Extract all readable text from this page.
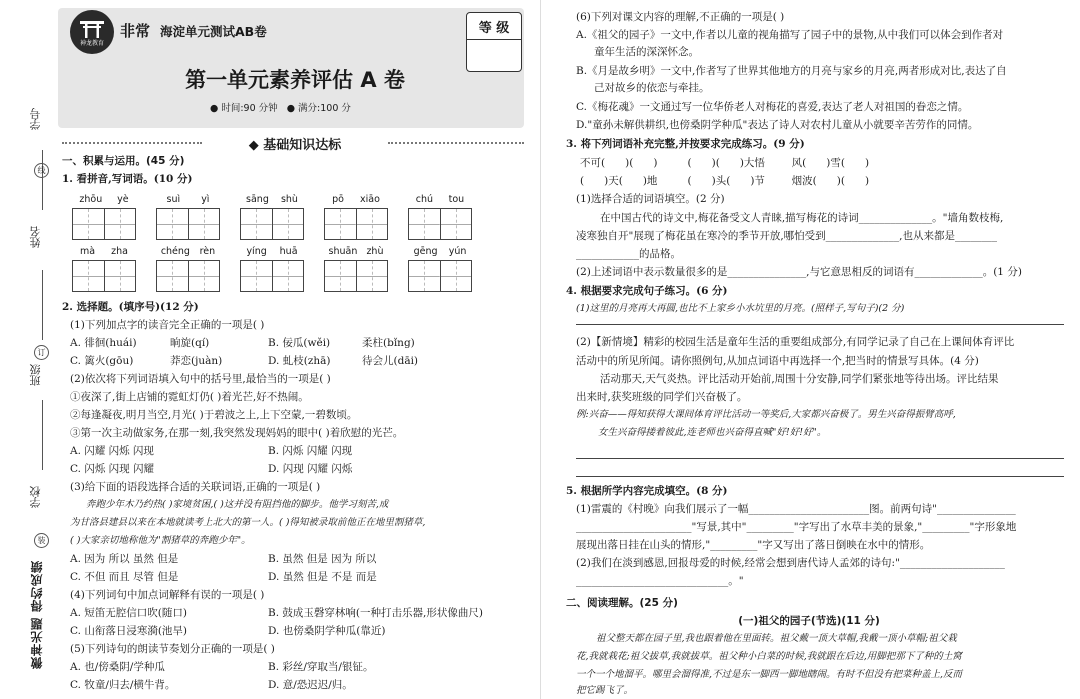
学号
姓名
班级
学校
线
订
装
微神光题 得约成绩
神龙教育
非常 海淀单元测试AB卷	等 级
第一单元素养评估 A 卷
● 时间:90 分钟 ● 满分:100 分
◆ 基础知识达标
一、积累与运用。(45 分)
1. 看拼音,写词语。(10 分)
zhōu yè	suì yì	sāng shù	pō xiāo	chú tou
mà zha	chéng rèn	yíng huā	shuān zhù	gēng yún
2. 选择题。(填序号)(12 分)
(1)下列加点字的读音完全正确的一项是( )
A. 徘徊(huái)	晌旋(qí)	B. 佞瓜(wěi)	柔柱(bǐng)
C. 篱火(gōu)	莽恋(juàn)	D. 虬枝(zhā)	待会儿(dāi)
(2)依次将下列词语填入句中的括号里,最恰当的一项是( )
①夜深了,街上店铺的霓虹灯仍( )着光芒,好不热闹。
②每逢凝夜,明月当空,月光( )于碧波之上,上下空蒙,一碧数顷。
③第一次主动做家务,在那一刻,我突然发现妈妈的眼中( )着欣慰的光芒。
A. 闪耀 闪烁 闪现	B. 闪烁 闪耀 闪现
C. 闪烁 闪现 闪耀	D. 闪现 闪耀 闪烁
(3)给下面的语段选择合适的关联词语,正确的一项是( )
奔跑少年木乃约热( )家境贫困,( )这并没有阻挡他的脚步。他学习刻苦,成
为甘洛县建县以来在本地就读考上北大的第一人。( )得知被录取前他正在地里割猪草,
( )大家亲切地称他为"割猪草的奔跑少年"。
A. 因为 所以 虽然 但是	B. 虽然 但是 因为 所以
C. 不但 而且 尽管 但是	D. 虽然 但是 不是 而是
(4)下列词句中加点词解释有误的一项是( )
A. 短笛无腔信口吹(随口)	B. 鼓成玉磬穿林响(一种打击乐器,形状像曲尺)
C. 山衔落日浸寒漪(池旱)	D. 也傍桑阴学种瓜(靠近)
(5)下列诗句的朗读节奏划分正确的一项是( )
A. 也/傍桑阴/学种瓜	B. 彩丝/穿取当/银钲。
C. 牧童/归去/横牛背。	D. 意/恐迟迟/归。
(6)下列对课文内容的理解,不正确的一项是( )
A.《祖父的园子》一文中,作者以儿童的视角描写了园子中的景物,从中我们可以体会到作者对
童年生活的深深怀念。
B.《月是故乡明》一文中,作者写了世界其他地方的月亮与家乡的月亮,两者形成对比,表达了自
己对故乡的依恋与牵挂。
C.《梅花魂》一文通过写一位华侨老人对梅花的喜爱,表达了老人对祖国的眷恋之情。
D."童孙未解供耕织,也傍桑阴学种瓜"表达了诗人对农村儿童从小就要辛苦劳作的同情。
3. 将下列词语补充完整,并按要求完成练习。(9 分)
不可(      )(      )         (      )(      )大悟        风(      )雪(      )
(      )天(      )地         (      )头(      )节        烟波(      )(      )
(1)选择合适的词语填空。(2 分)
在中国古代的诗文中,梅花备受文人青睐,描写梅花的诗词______________。"墙角数枝梅,
凌寒独自开"展现了梅花虽在寒冷的季节开放,哪怕受到______________,也从来都是________
____________的品格。
(2)上述词语中表示数量很多的是_______________,与它意思相反的词语有_____________。(1 分)
4. 根据要求完成句子练习。(6 分)
(1)这里的月亮再大再圆,也比不上家乡小水坑里的月亮。(照样子,写句子)(2 分)
(2)【新情境】精彩的校园生活是童年生活的重要组成部分,有同学记录了自己在上课间体育评比
活动中的所见所闻。请你照例句,从加点词语中再选择一个,把当时的情景写具体。(4 分)
活动那天,天气炎热。评比活动开始前,周围十分安静,同学们紧张地等待出场。评比结果
出来时,获奖班级的同学们兴奋极了。
例:兴奋——得知获得大课间体育评比活动一等奖后,大家都兴奋极了。男生兴奋得振臂高呼,
女生兴奋得搂着彼此,连老师也兴奋得直喊"好!好!好"。
5. 根据所学内容完成填空。(8 分)
(1)雷震的《村晚》向我们展示了一幅_______________________图。前两句诗"_______________
______________________"写景,其中"_________"字写出了水草丰美的景象,"_________"字形象地
展现出落日挂在山头的情形,"_________"字又写出了落日倒映在水中的情形。
(2)我们在淡到感恩,回报母爱的时候,经常会想到唐代诗人孟郊的诗句:"____________________
_____________________________。"
二、阅读理解。(25 分)
(一)祖父的园子(节选)(11 分)
祖父整天都在园子里,我也跟着他在里面转。祖父戴一顶大草帽,我戴一顶小草帽;祖父栽
花,我就栽花;祖父拔草,我就拔草。祖父种小白菜的时候,我就跟在后边,用脚把那下了种的土窝
一个一个地溜平。哪里会溜得准,不过是东一脚西一脚地瞎闹。有时不但没有把菜种盖上,反而
把它踢飞了。
